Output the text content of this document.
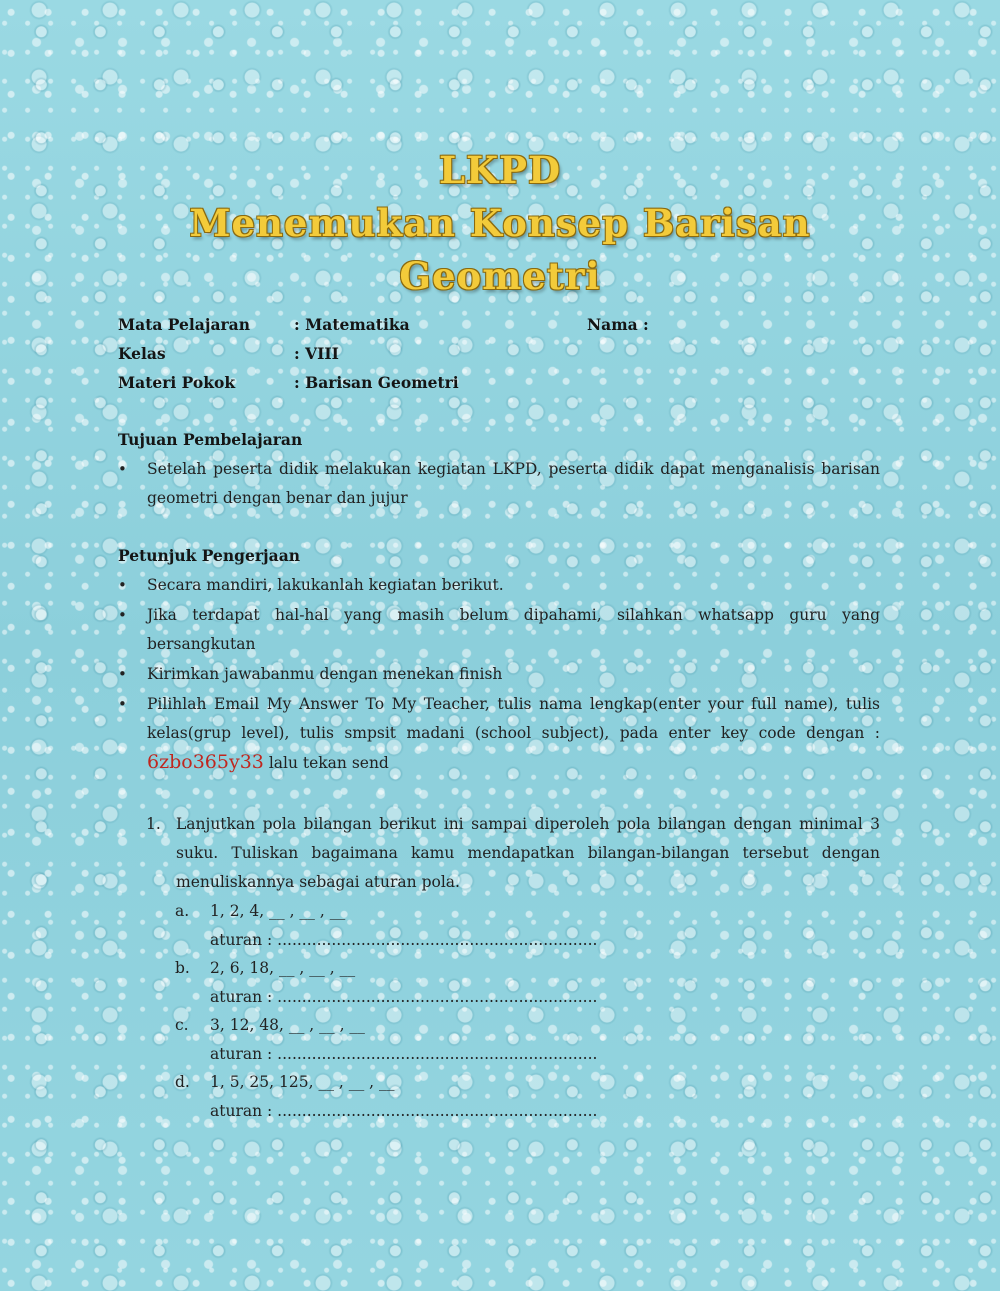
LKPD
Menemukan Konsep Barisan
Geometri
Mata Pelajaran	: Matematika	Nama :
Kelas	: VIII
Materi Pokok	: Barisan Geometri
Tujuan Pembelajaran
• Setelah peserta didik melakukan kegiatan LKPD, peserta didik dapat menganalisis barisan geometri dengan benar dan jujur
Petunjuk Pengerjaan
• Secara mandiri, lakukanlah kegiatan berikut.
• Jika terdapat hal-hal yang masih belum dipahami, silahkan whatsapp guru yang bersangkutan
• Kirimkan jawabanmu dengan menekan finish
• Pilihlah Email My Answer To My Teacher, tulis nama lengkap(enter your full name), tulis kelas(grup level), tulis smpsit madani (school subject), pada enter key code dengan : 6zbo365y33 lalu tekan send
1. Lanjutkan pola bilangan berikut ini sampai diperoleh pola bilangan dengan minimal 3 suku. Tuliskan bagaimana kamu mendapatkan bilangan-bilangan tersebut dengan menuliskannya sebagai aturan pola.
a. 1, 2, 4, __ , __ , __
aturan : .................................................................
b. 2, 6, 18, __ , __ , __
aturan : .................................................................
c. 3, 12, 48, __ , __ , __
aturan : .................................................................
d. 1, 5, 25, 125, __ , __ , __
aturan : .................................................................
